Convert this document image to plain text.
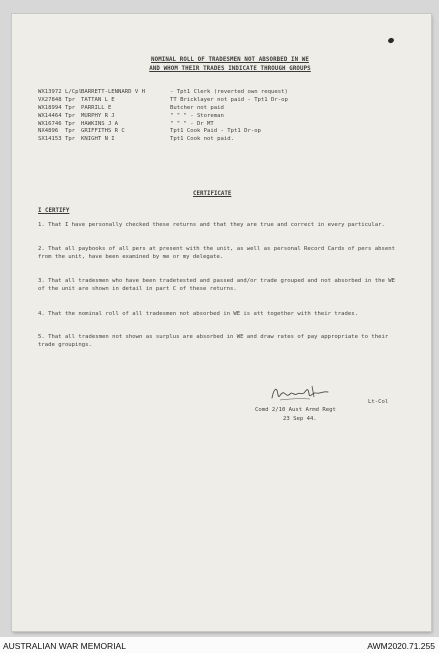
NOMINAL ROLL OF TRADESMEN NOT ABSORBED IN WE
AND WHOM THEIR TRADES INDICATE THROUGH GROUPS
WX13972 L/Cpl BARRETT-LENNARD V H	- Tpt1 Clerk (reverted own request)
VX27848 Tpr	TATTAN L E	TT Bricklayer not paid - Tpt1 Dr-op
WX18994 Tpr	PARRILL E	Butcher not paid
WX14464 Tpr	MURPHY R J	" " " - Storeman
WX16746 Tpr	HAWKINS J A	" " " - Dr MT
NX4896	Tpr	GRIFFITHS R C	Tpt1 Cook Paid - Tpt1 Dr-op
SX14153 Tpr	KNIGHT N I	Tpt1 Cook not paid.
CERTIFICATE
I CERTIFY
1. That I have personally checked these returns and that they are true and correct in every particular.
2. That all paybooks of all pers at present with the unit, as well as personal Record Cards of pers absent from the unit, have been examined by me or my delegate.
3. That all tradesmen who have been tradetested and passed and/or trade grouped and not absorbed in the WE of the unit are shown in detail in part C of these returns.
4. That the nominal roll of all tradesmen not absorbed in WE is att together with their trades.
5. That all tradesmen not shown as surplus are absorbed in WE and draw rates of pay appropriate to their trade groupings.
Lt-Col
Comd 2/10 Aust Armd Regt
23 Sep 44.
AUSTRALIAN WAR MEMORIAL	AWM2020.71.255
